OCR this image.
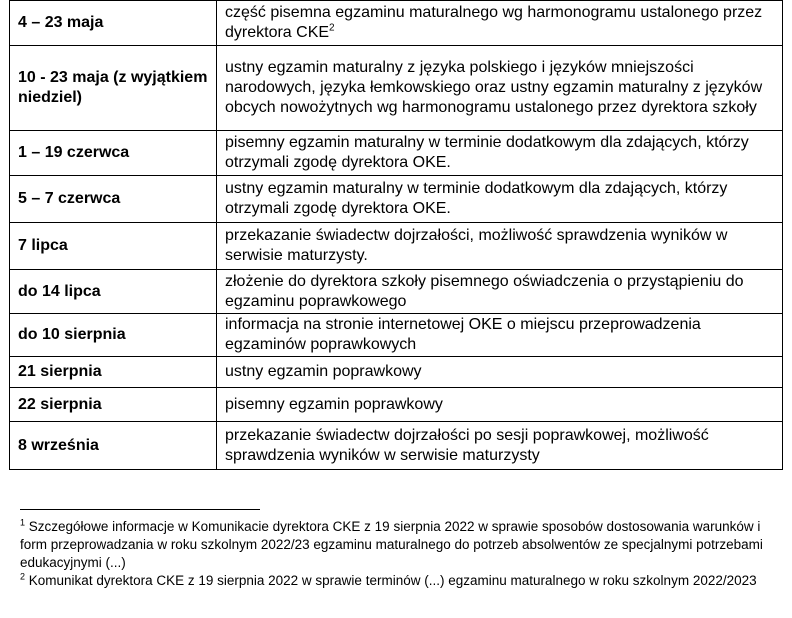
4 – 23 maja	część pisemna egzaminu maturalnego wg harmonogramu ustalonego przez dyrektora CKE$^2$
10 - 23 maja (z wyjątkiem niedziel)	ustny egzamin maturalny z języka polskiego i języków mniejszości narodowych, języka łemkowskiego oraz ustny egzamin maturalny z języków obcych nowożytnych wg harmonogramu ustalonego przez dyrektora szkoły
1 – 19 czerwca	pisemny egzamin maturalny w terminie dodatkowym dla zdających, którzy otrzymali zgodę dyrektora OKE.
5 – 7 czerwca	ustny egzamin maturalny w terminie dodatkowym dla zdających, którzy otrzymali zgodę dyrektora OKE.
7 lipca	przekazanie świadectw dojrzałości, możliwość sprawdzenia wyników w serwisie maturzysty.
do 14 lipca	złożenie do dyrektora szkoły pisemnego oświadczenia o przystąpieniu do egzaminu poprawkowego
do 10 sierpnia	informacja na stronie internetowej OKE o miejscu przeprowadzenia egzaminów poprawkowych
21 sierpnia	ustny egzamin poprawkowy
22 sierpnia	pisemny egzamin poprawkowy
8 września	przekazanie świadectw dojrzałości po sesji poprawkowej, możliwość sprawdzenia wyników w serwisie maturzysty

$^1$ Szczegółowe informacje w Komunikacie dyrektora CKE z 19 sierpnia 2022 w sprawie sposobów dostosowania warunków i form przeprowadzania w roku szkolnym 2022/23 egzaminu maturalnego do potrzeb absolwentów ze specjalnymi potrzebami edukacyjnymi (...)

$^2$ Komunikat dyrektora CKE z 19 sierpnia 2022 w sprawie terminów (...) egzaminu maturalnego w roku szkolnym 2022/2023
